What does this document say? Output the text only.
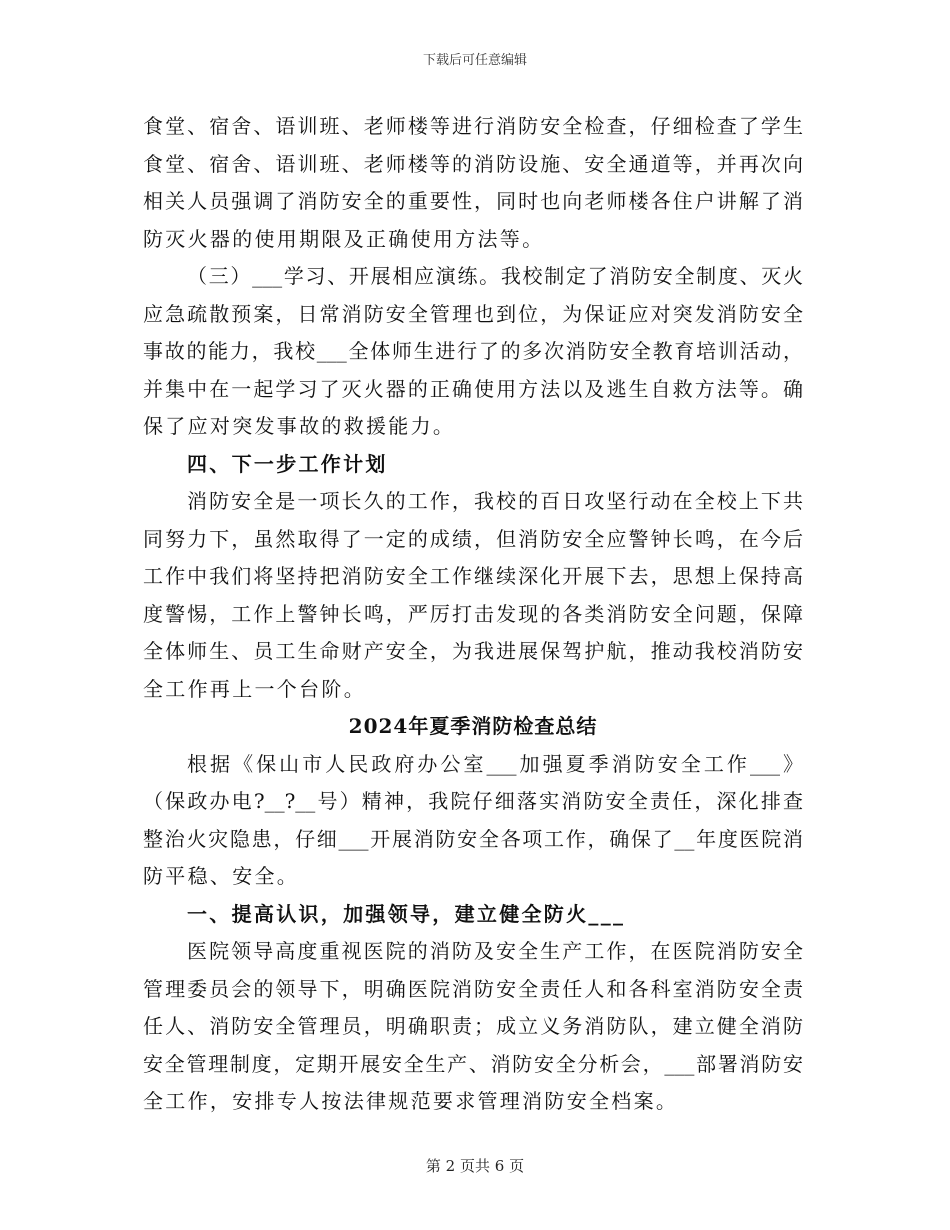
下载后可任意编辑
食堂、宿舍、语训班、老师楼等进行消防安全检查，仔细检查了学生
食堂、宿舍、语训班、老师楼等的消防设施、安全通道等，并再次向
相关人员强调了消防安全的重要性，同时也向老师楼各住户讲解了消
防灭火器的使用期限及正确使用方法等。
（三）___学习、开展相应演练。我校制定了消防安全制度、灭火
应急疏散预案，日常消防安全管理也到位，为保证应对突发消防安全
事故的能力，我校___全体师生进行了的多次消防安全教育培训活动，
并集中在一起学习了灭火器的正确使用方法以及逃生自救方法等。确
保了应对突发事故的救援能力。
四、下一步工作计划
消防安全是一项长久的工作，我校的百日攻坚行动在全校上下共
同努力下，虽然取得了一定的成绩，但消防安全应警钟长鸣，在今后
工作中我们将坚持把消防安全工作继续深化开展下去，思想上保持高
度警惕，工作上警钟长鸣，严厉打击发现的各类消防安全问题，保障
全体师生、员工生命财产安全，为我进展保驾护航，推动我校消防安
全工作再上一个台阶。
2024年夏季消防检查总结
根据《保山市人民政府办公室___加强夏季消防安全工作___》
（保政办电?__?__号）精神，我院仔细落实消防安全责任，深化排查
整治火灾隐患，仔细___开展消防安全各项工作，确保了__年度医院消
防平稳、安全。
一、提高认识，加强领导，建立健全防火___
医院领导高度重视医院的消防及安全生产工作，在医院消防安全
管理委员会的领导下，明确医院消防安全责任人和各科室消防安全责
任人、消防安全管理员，明确职责；成立义务消防队，建立健全消防
安全管理制度，定期开展安全生产、消防安全分析会，___部署消防安
全工作，安排专人按法律规范要求管理消防安全档案。
第 2 页共 6 页
